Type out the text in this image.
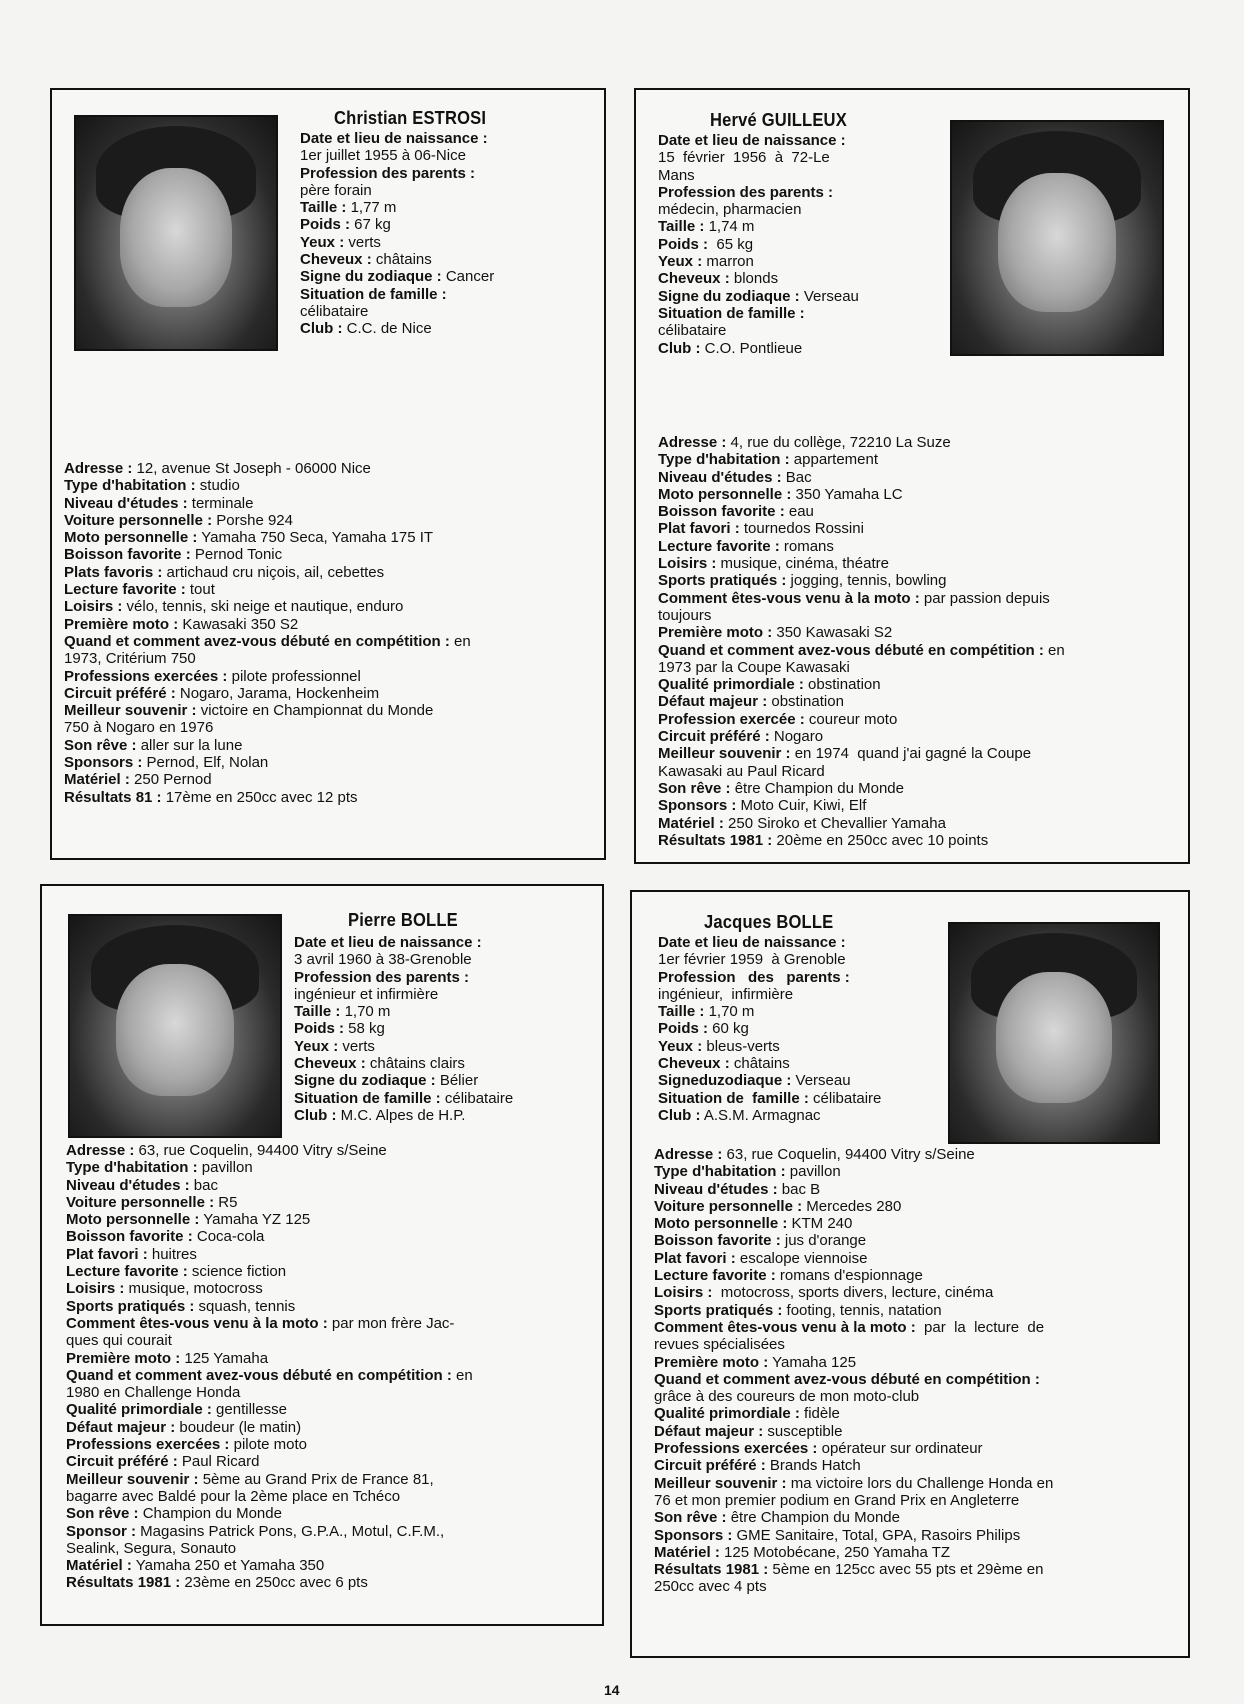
Christian ESTROSI
Date et lieu de naissance :
1er juillet 1955 à 06-Nice
Profession des parents :
père forain
Taille : 1,77 m
Poids : 67 kg
Yeux : verts
Cheveux : châtains
Signe du zodiaque : Cancer
Situation de famille :
célibataire
Club : C.C. de Nice
Adresse : 12, avenue St Joseph - 06000 Nice
Type d'habitation : studio
Niveau d'études : terminale
Voiture personnelle : Porshe 924
Moto personnelle : Yamaha 750 Seca, Yamaha 175 IT
Boisson favorite : Pernod Tonic
Plats favoris : artichaud cru niçois, ail, cebettes
Lecture favorite : tout
Loisirs : vélo, tennis, ski neige et nautique, enduro
Première moto : Kawasaki 350 S2
Quand et comment avez-vous débuté en compétition : en
1973, Critérium 750
Professions exercées : pilote professionnel
Circuit préféré : Nogaro, Jarama, Hockenheim
Meilleur souvenir : victoire en Championnat du Monde
750 à Nogaro en 1976
Son rêve : aller sur la lune
Sponsors : Pernod, Elf, Nolan
Matériel : 250 Pernod
Résultats 81 : 17ème en 250cc avec 12 pts
Hervé GUILLEUX
Date et lieu de naissance :
15  février  1956  à  72-Le
Mans
Profession des parents :
médecin, pharmacien
Taille : 1,74 m
Poids :  65 kg
Yeux : marron
Cheveux : blonds
Signe du zodiaque : Verseau
Situation de famille :
célibataire
Club : C.O. Pontlieue
Adresse : 4, rue du collège, 72210 La Suze
Type d'habitation : appartement
Niveau d'études : Bac
Moto personnelle : 350 Yamaha LC
Boisson favorite : eau
Plat favori : tournedos Rossini
Lecture favorite : romans
Loisirs : musique, cinéma, théatre
Sports pratiqués : jogging, tennis, bowling
Comment êtes-vous venu à la moto : par passion depuis
toujours
Première moto : 350 Kawasaki S2
Quand et comment avez-vous débuté en compétition : en
1973 par la Coupe Kawasaki
Qualité primordiale : obstination
Défaut majeur : obstination
Profession exercée : coureur moto
Circuit préféré : Nogaro
Meilleur souvenir : en 1974  quand j'ai gagné la Coupe
Kawasaki au Paul Ricard
Son rêve : être Champion du Monde
Sponsors : Moto Cuir, Kiwi, Elf
Matériel : 250 Siroko et Chevallier Yamaha
Résultats 1981 : 20ème en 250cc avec 10 points
Pierre BOLLE
Date et lieu de naissance :
3 avril 1960 à 38-Grenoble
Profession des parents :
ingénieur et infirmière
Taille : 1,70 m
Poids : 58 kg
Yeux : verts
Cheveux : châtains clairs
Signe du zodiaque : Bélier
Situation de famille : célibataire
Club : M.C. Alpes de H.P.
Adresse : 63, rue Coquelin, 94400 Vitry s/Seine
Type d'habitation : pavillon
Niveau d'études : bac
Voiture personnelle : R5
Moto personnelle : Yamaha YZ 125
Boisson favorite : Coca-cola
Plat favori : huitres
Lecture favorite : science fiction
Loisirs : musique, motocross
Sports pratiqués : squash, tennis
Comment êtes-vous venu à la moto : par mon frère Jac-
ques qui courait
Première moto : 125 Yamaha
Quand et comment avez-vous débuté en compétition : en
1980 en Challenge Honda
Qualité primordiale : gentillesse
Défaut majeur : boudeur (le matin)
Professions exercées : pilote moto
Circuit préféré : Paul Ricard
Meilleur souvenir : 5ème au Grand Prix de France 81,
bagarre avec Baldé pour la 2ème place en Tchéco
Son rêve : Champion du Monde
Sponsor : Magasins Patrick Pons, G.P.A., Motul, C.F.M.,
Sealink, Segura, Sonauto
Matériel : Yamaha 250 et Yamaha 350
Résultats 1981 : 23ème en 250cc avec 6 pts
Jacques BOLLE
Date et lieu de naissance :
1er février 1959  à Grenoble
Profession   des   parents :
ingénieur,  infirmière
Taille : 1,70 m
Poids : 60 kg
Yeux : bleus-verts
Cheveux : châtains
Signeduzodiaque : Verseau
Situation de  famille : célibataire
Club : A.S.M. Armagnac
Adresse : 63, rue Coquelin, 94400 Vitry s/Seine
Type d'habitation : pavillon
Niveau d'études : bac B
Voiture personnelle : Mercedes 280
Moto personnelle : KTM 240
Boisson favorite : jus d'orange
Plat favori : escalope viennoise
Lecture favorite : romans d'espionnage
Loisirs :  motocross, sports divers, lecture, cinéma
Sports pratiqués : footing, tennis, natation
Comment êtes-vous venu à la moto :  par  la  lecture  de
revues spécialisées
Première moto : Yamaha 125
Quand et comment avez-vous débuté en compétition :
grâce à des coureurs de mon moto-club
Qualité primordiale : fidèle
Défaut majeur : susceptible
Professions exercées : opérateur sur ordinateur
Circuit préféré : Brands Hatch
Meilleur souvenir : ma victoire lors du Challenge Honda en
76 et mon premier podium en Grand Prix en Angleterre
Son rêve : être Champion du Monde
Sponsors : GME Sanitaire, Total, GPA, Rasoirs Philips
Matériel : 125 Motobécane, 250 Yamaha TZ
Résultats 1981 : 5ème en 125cc avec 55 pts et 29ème en
250cc avec 4 pts
14
